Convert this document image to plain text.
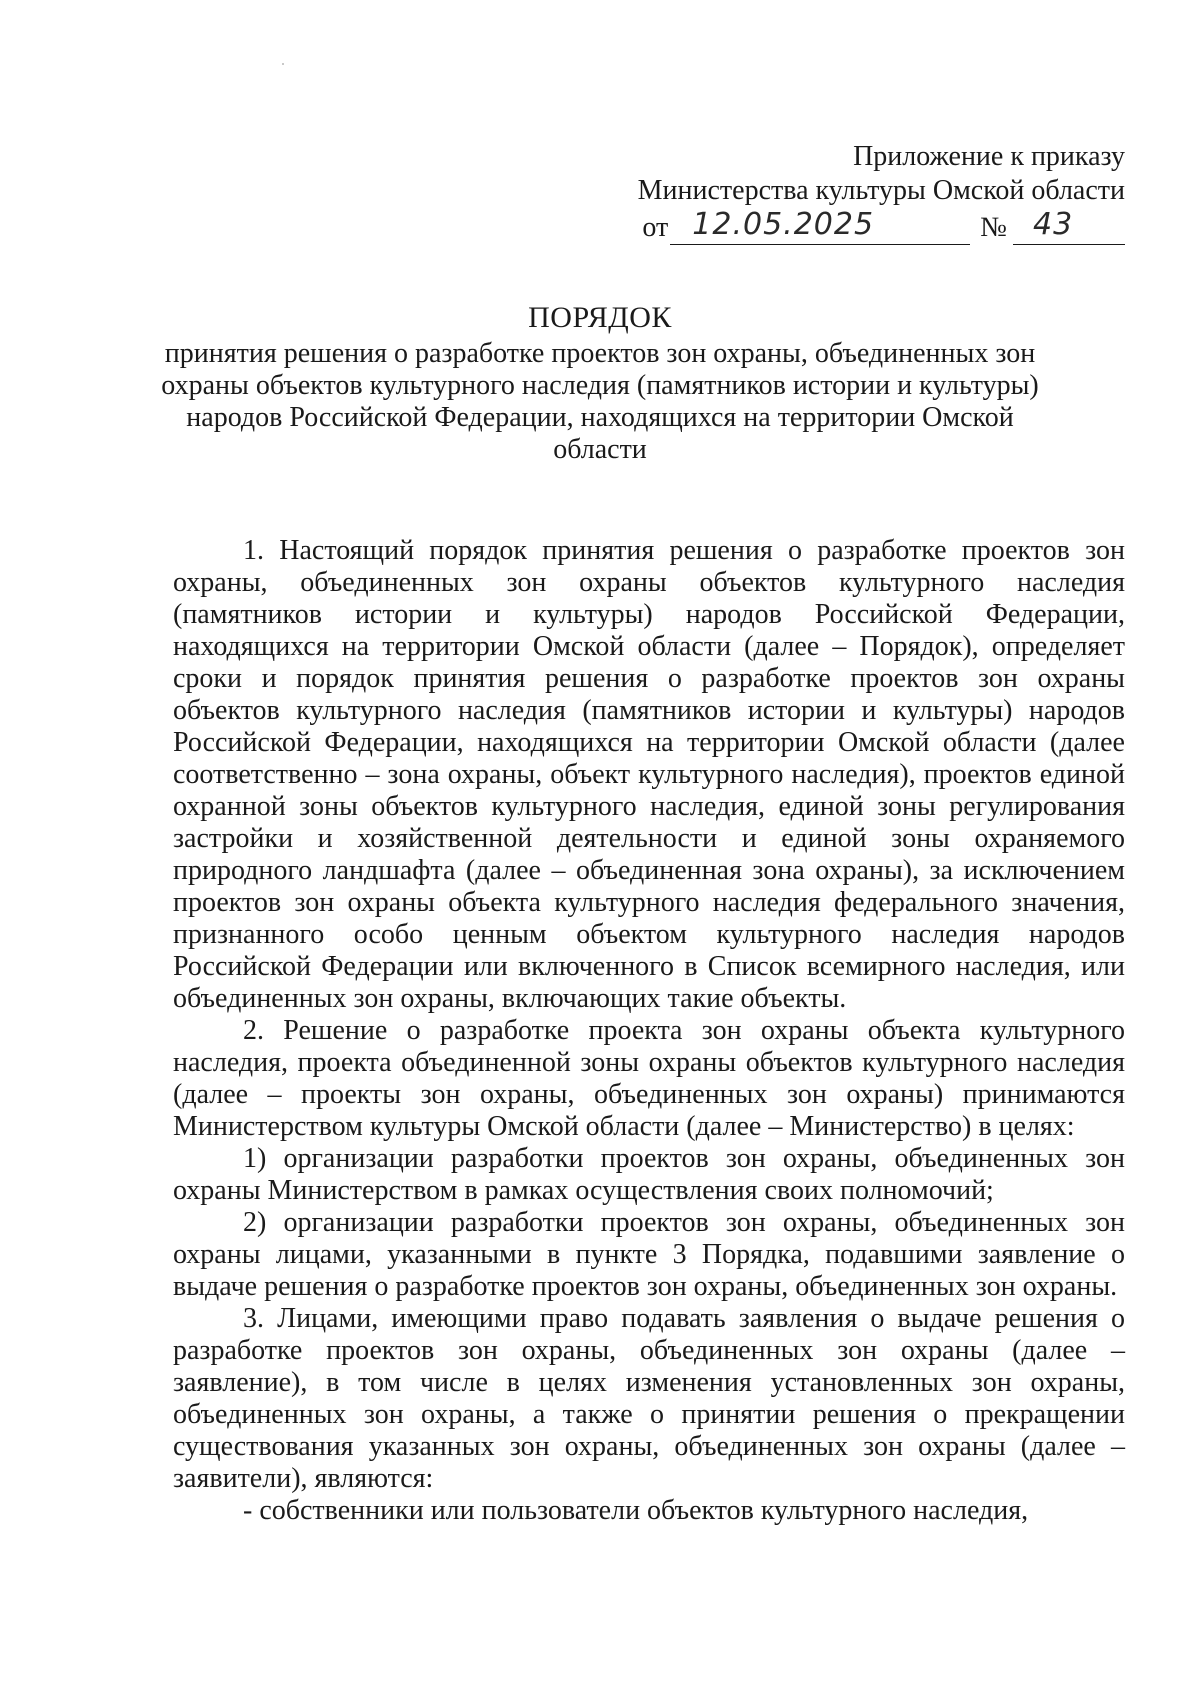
Приложение к приказу
Министерства культуры Омской области
от 12.05.2025	№ 43
ПОРЯДОК
принятия решения о разработке проектов зон охраны, объединенных зон охраны объектов культурного наследия (памятников истории и культуры) народов Российской Федерации, находящихся на территории Омской области

1. Настоящий порядок принятия решения о разработке проектов зон охраны, объединенных зон охраны объектов культурного наследия (памятников истории и культуры) народов Российской Федерации, находящихся на территории Омской области (далее – Порядок), определяет сроки и порядок принятия решения о разработке проектов зон охраны объектов культурного наследия (памятников истории и культуры) народов Российской Федерации, находящихся на территории Омской области (далее соответственно – зона охраны, объект культурного наследия), проектов единой охранной зоны объектов культурного наследия, единой зоны регулирования застройки и хозяйственной деятельности и единой зоны охраняемого природного ландшафта (далее – объединенная зона охраны), за исключением проектов зон охраны объекта культурного наследия федерального значения, признанного особо ценным объектом культурного наследия народов Российской Федерации или включенного в Список всемирного наследия, или объединенных зон охраны, включающих такие объекты.

2. Решение о разработке проекта зон охраны объекта культурного наследия, проекта объединенной зоны охраны объектов культурного наследия (далее – проекты зон охраны, объединенных зон охраны) принимаются Министерством культуры Омской области (далее – Министерство) в целях:

1) организации разработки проектов зон охраны, объединенных зон охраны Министерством в рамках осуществления своих полномочий;

2) организации разработки проектов зон охраны, объединенных зон охраны лицами, указанными в пункте 3 Порядка, подавшими заявление о выдаче решения о разработке проектов зон охраны, объединенных зон охраны.

3. Лицами, имеющими право подавать заявления о выдаче решения о разработке проектов зон охраны, объединенных зон охраны (далее – заявление), в том числе в целях изменения установленных зон охраны, объединенных зон охраны, а также о принятии решения о прекращении существования указанных зон охраны, объединенных зон охраны (далее – заявители), являются:

- собственники или пользователи объектов культурного наследия,
